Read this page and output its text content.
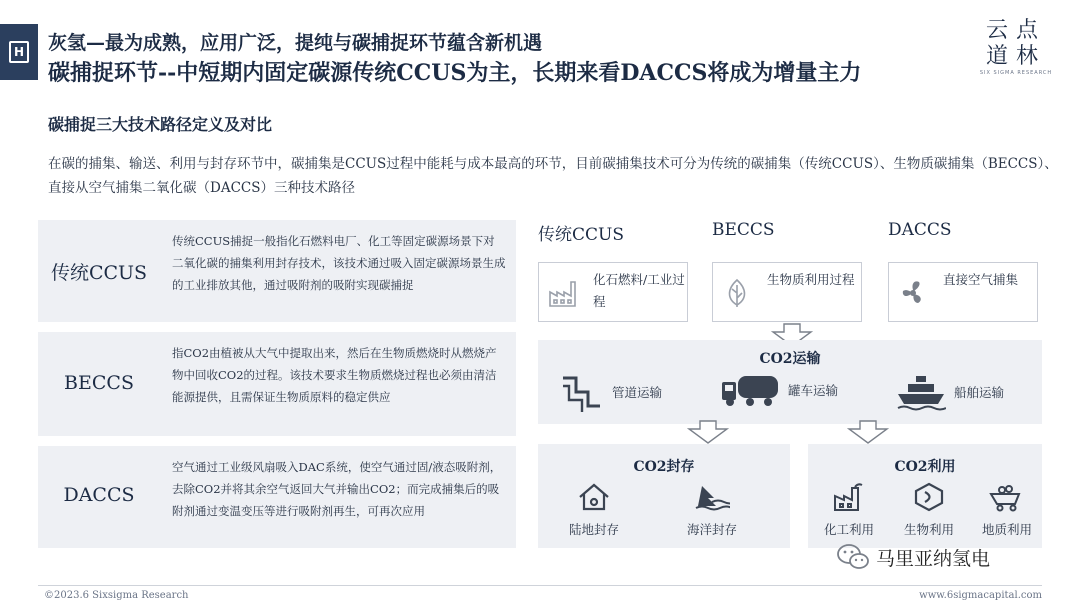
H 灰氢—最为成熟，应用广泛，提纯与碳捕捉环节蕴含新机遇
碳捕捉环节--中短期内固定碳源传统CCUS为主，长期来看DACCS将成为增量主力
云点
道林
SIX SIGMA RESEARCH
碳捕捉三大技术路径定义及对比
在碳的捕集、输送、利用与封存环节中，碳捕集是CCUS过程中能耗与成本最高的环节，目前碳捕集技术可分为传统的碳捕集（传统CCUS）、生物质碳捕集（BECCS）、直接从空气捕集二氧化碳（DACCS）三种技术路径
传统CCUS
传统CCUS捕捉一般指化石燃料电厂、化工等固定碳源场景下对二氧化碳的捕集利用封存技术，该技术通过吸入固定碳源场景生成的工业排放其他，通过吸附剂的吸附实现碳捕捉
BECCS
指CO2由植被从大气中提取出来，然后在生物质燃烧时从燃烧产物中回收CO2的过程。该技术要求生物质燃烧过程也必须由清洁能源提供，且需保证生物质原料的稳定供应
DACCS
空气通过工业级风扇吸入DAC系统，使空气通过固/液态吸附剂，去除CO2并将其余空气返回大气并输出CO2；而完成捕集后的吸附剂通过变温变压等进行吸附剂再生，可再次应用
传统CCUS	BECCS	DACCS
化石燃料/工业过程
生物质利用过程	直接空气捕集
CO2运输
管道运输	罐车运输	船舶运输
CO2封存
陆地封存	海洋封存
CO2利用
化工利用	生物利用	地质利用
马里亚纳氢电
©2023.6 Sixsigma Research	www.6sigmacapital.com
